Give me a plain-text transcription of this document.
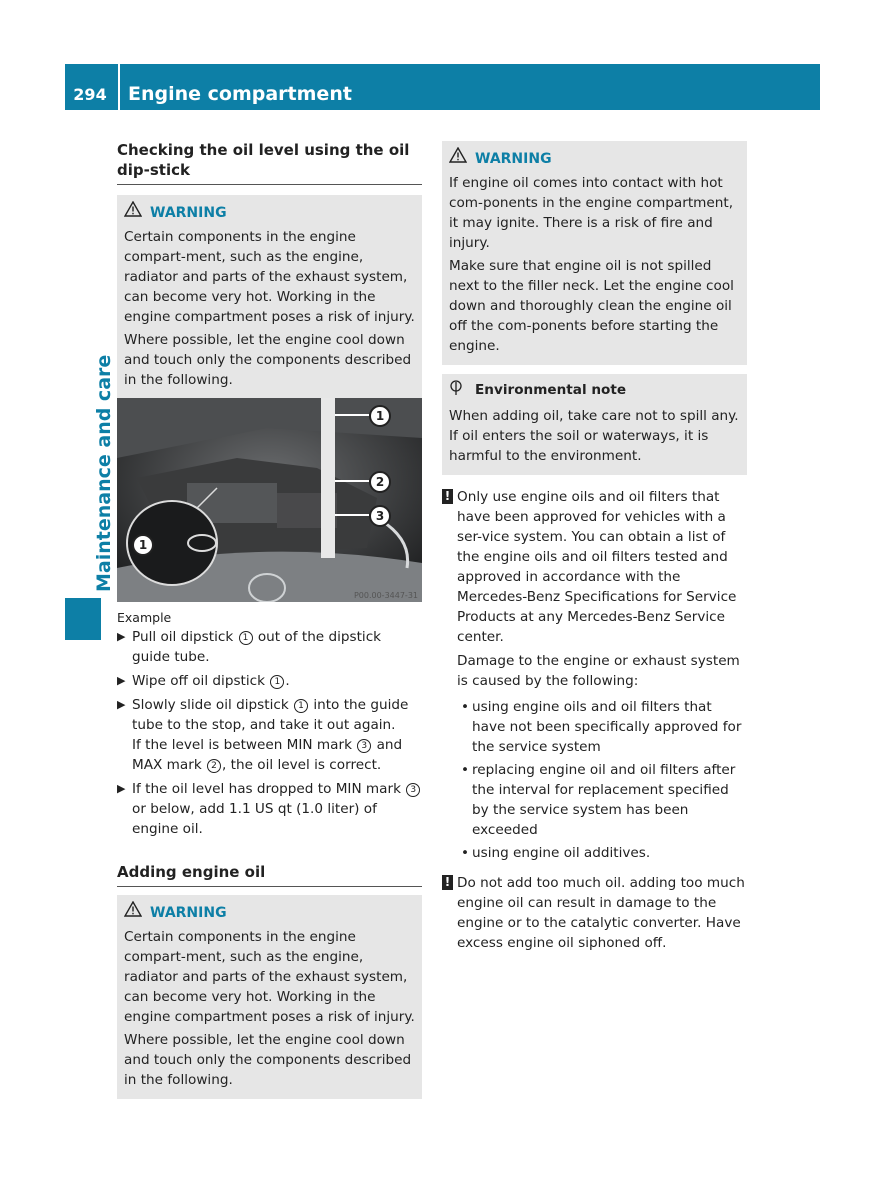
294	Engine compartment
Maintenance and care
Checking the oil level using the oil dip-stick
WARNING

Certain components in the engine compart-ment, such as the engine, radiator and parts of the exhaust system, can become very hot. Working in the engine compartment poses a risk of injury.

Where possible, let the engine cool down and touch only the components described in the following.

1
2
3
1
P00.00-3447-31
Example
▶ Pull oil dipstick 1 out of the dipstick guide tube.
▶ Wipe off oil dipstick 1 .
▶ Slowly slide oil dipstick 1 into the guide tube to the stop, and take it out again.
If the level is between MIN mark 3 and MAX mark 2 , the oil level is correct.
▶ If the oil level has dropped to MIN mark 3 or below, add 1.1 US qt (1.0 liter) of engine oil.
Adding engine oil
WARNING

Certain components in the engine compart-ment, such as the engine, radiator and parts of the exhaust system, can become very hot. Working in the engine compartment poses a risk of injury.

Where possible, let the engine cool down and touch only the components described in the following.

WARNING

If engine oil comes into contact with hot com-ponents in the engine compartment, it may ignite. There is a risk of fire and injury.

Make sure that engine oil is not spilled next to the filler neck. Let the engine cool down and thoroughly clean the engine oil off the com-ponents before starting the engine.

Environmental note

When adding oil, take care not to spill any. If oil enters the soil or waterways, it is harmful to the environment.

! Only use engine oils and oil filters that have been approved for vehicles with a ser-vice system. You can obtain a list of the engine oils and oil filters tested and approved in accordance with the Mercedes-Benz Specifications for Service Products at any Mercedes-Benz Service center.

Damage to the engine or exhaust system is caused by the following:

• using engine oils and oil filters that have not been specifically approved for the service system
• replacing engine oil and oil filters after the interval for replacement specified by the service system has been exceeded
• using engine oil additives.
! Do not add too much oil. adding too much engine oil can result in damage to the engine or to the catalytic converter. Have excess engine oil siphoned off.
